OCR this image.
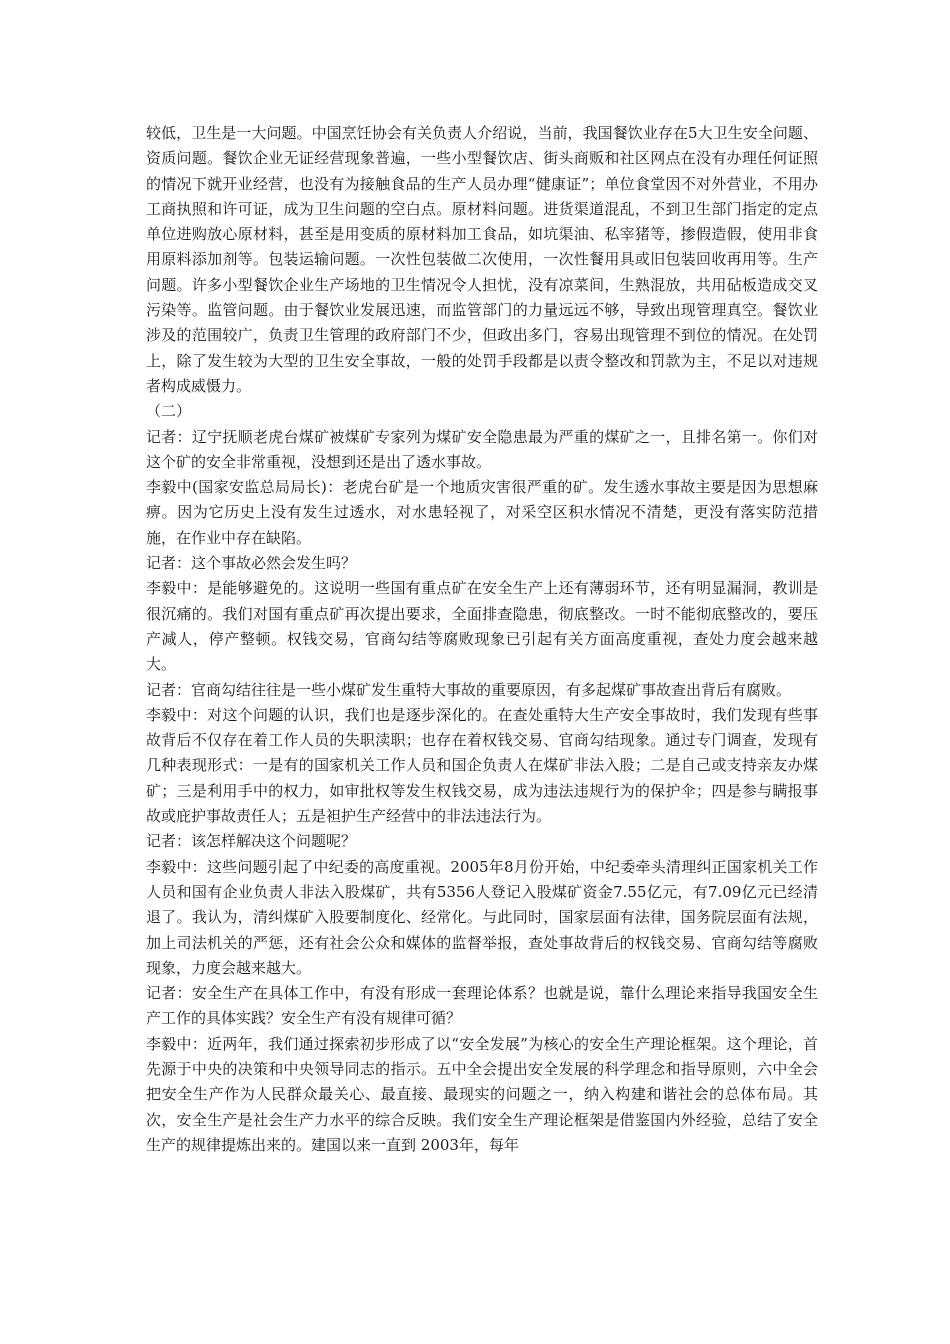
较低，卫生是一大问题。中国烹饪协会有关负责人介绍说，当前，我国餐饮业存在5大卫生安全问题、资质问题。餐饮企业无证经营现象普遍，一些小型餐饮店、街头商贩和社区网点在没有办理任何证照的情况下就开业经营，也没有为接触食品的生产人员办理“健康证”；单位食堂因不对外营业，不用办工商执照和许可证，成为卫生问题的空白点。原材料问题。进货渠道混乱，不到卫生部门指定的定点单位进购放心原材料，甚至是用变质的原材料加工食品，如坑渠油、私宰猪等，掺假造假，使用非食用原料添加剂等。包装运输问题。一次性包装做二次使用，一次性餐用具或旧包装回收再用等。生产问题。许多小型餐饮企业生产场地的卫生情况令人担忧，没有凉菜间，生熟混放，共用砧板造成交叉污染等。监管问题。由于餐饮业发展迅速，而监管部门的力量远远不够，导致出现管理真空。餐饮业涉及的范围较广，负责卫生管理的政府部门不少，但政出多门，容易出现管理不到位的情况。在处罚上，除了发生较为大型的卫生安全事故，一般的处罚手段都是以责令整改和罚款为主，不足以对违规者构成威慑力。

（二）

记者：辽宁抚顺老虎台煤矿被煤矿专家列为煤矿安全隐患最为严重的煤矿之一，且排名第一。你们对这个矿的安全非常重视，没想到还是出了透水事故。

李毅中(国家安监总局局长)：老虎台矿是一个地质灾害很严重的矿。发生透水事故主要是因为思想麻痹。因为它历史上没有发生过透水，对水患轻视了，对采空区积水情况不清楚，更没有落实防范措施，在作业中存在缺陷。

记者：这个事故必然会发生吗？

李毅中：是能够避免的。这说明一些国有重点矿在安全生产上还有薄弱环节，还有明显漏洞，教训是很沉痛的。我们对国有重点矿再次提出要求，全面排查隐患，彻底整改。一时不能彻底整改的，要压产减人，停产整顿。权钱交易，官商勾结等腐败现象已引起有关方面高度重视，查处力度会越来越大。

记者：官商勾结往往是一些小煤矿发生重特大事故的重要原因，有多起煤矿事故查出背后有腐败。

李毅中：对这个问题的认识，我们也是逐步深化的。在查处重特大生产安全事故时，我们发现有些事故背后不仅存在着工作人员的失职渎职；也存在着权钱交易、官商勾结现象。通过专门调查，发现有几种表现形式：一是有的国家机关工作人员和国企负责人在煤矿非法入股；二是自己或支持亲友办煤矿；三是利用手中的权力，如审批权等发生权钱交易，成为违法违规行为的保护伞；四是参与瞒报事故或庇护事故责任人；五是袒护生产经营中的非法违法行为。

记者：该怎样解决这个问题呢？

李毅中：这些问题引起了中纪委的高度重视。2005年8月份开始，中纪委牵头清理纠正国家机关工作人员和国有企业负责人非法入股煤矿，共有5356人登记入股煤矿资金7.55亿元，有7.09亿元已经清退了。我认为，清纠煤矿入股要制度化、经常化。与此同时，国家层面有法律，国务院层面有法规，加上司法机关的严惩，还有社会公众和媒体的监督举报，查处事故背后的权钱交易、官商勾结等腐败现象，力度会越来越大。

记者：安全生产在具体工作中，有没有形成一套理论体系？也就是说，靠什么理论来指导我国安全生产工作的具体实践？安全生产有没有规律可循？

李毅中：近两年，我们通过探索初步形成了以“安全发展”为核心的安全生产理论框架。这个理论，首先源于中央的决策和中央领导同志的指示。五中全会提出安全发展的科学理念和指导原则，六中全会把安全生产作为人民群众最关心、最直接、最现实的问题之一，纳入构建和谐社会的总体布局。其次，安全生产是社会生产力水平的综合反映。我们安全生产理论框架是借鉴国内外经验，总结了安全生产的规律提炼出来的。建国以来一直到 2003年，每年
